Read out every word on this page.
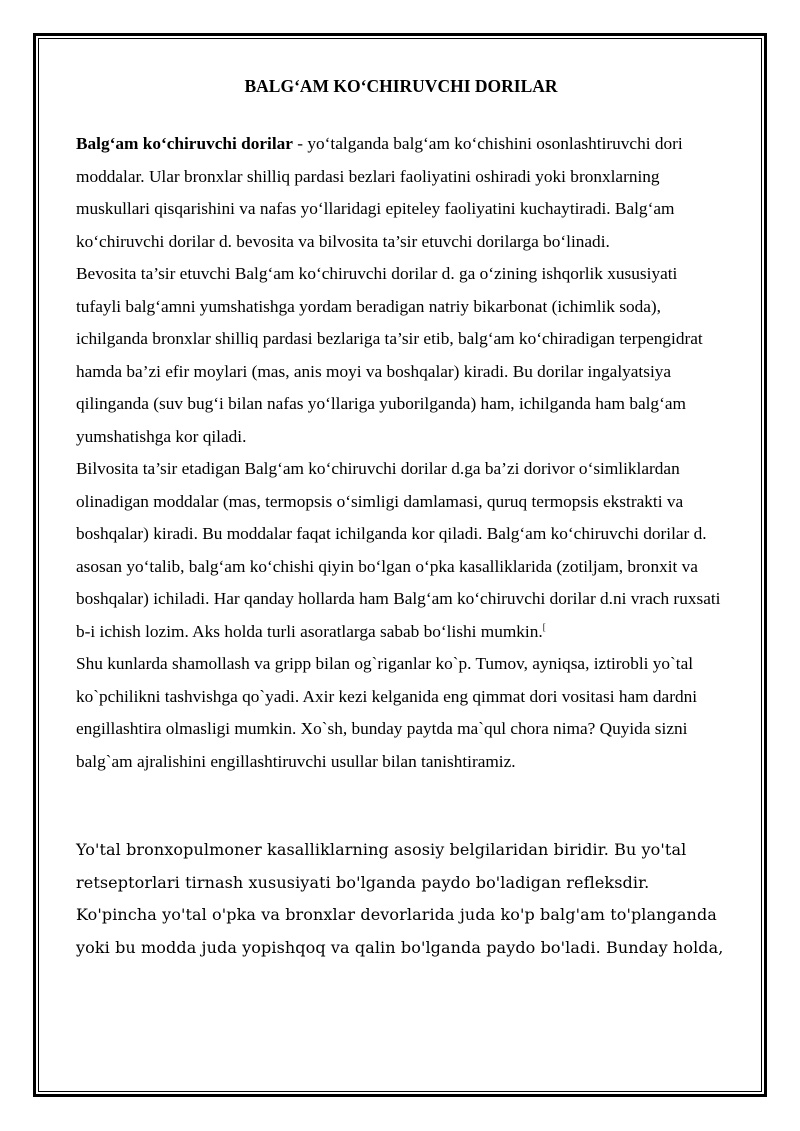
BALG‘AM KO‘CHIRUVCHI DORILAR

Balg‘am ko‘chiruvchi dorilar - yo‘talganda balg‘am ko‘chishini osonlashtiruvchi dori moddalar. Ular bronxlar shilliq pardasi bezlari faoliyatini oshiradi yoki bronxlarning muskullari qisqarishini va nafas yo‘llaridagi epiteley faoliyatini kuchaytiradi. Balg‘am ko‘chiruvchi dorilar d. bevosita va bilvosita ta’sir etuvchi dorilarga bo‘linadi.

Bevosita ta’sir etuvchi Balg‘am ko‘chiruvchi dorilar d. ga o‘zining ishqorlik xususiyati tufayli balg‘amni yumshatishga yordam beradigan natriy bikarbonat (ichimlik soda), ichilganda bronxlar shilliq pardasi bezlariga ta’sir etib, balg‘am ko‘chiradigan terpengidrat hamda ba’zi efir moylari (mas, anis moyi va boshqalar) kiradi. Bu dorilar ingalyatsiya qilinganda (suv bug‘i bilan nafas yo‘llariga yuborilganda) ham, ichilganda ham balg‘am yumshatishga kor qiladi.

Bilvosita ta’sir etadigan Balg‘am ko‘chiruvchi dorilar d.ga ba’zi dorivor o‘simliklardan olinadigan moddalar (mas, termopsis o‘simligi damlamasi, quruq termopsis ekstrakti va boshqalar) kiradi. Bu moddalar faqat ichilganda kor qiladi. Balg‘am ko‘chiruvchi dorilar d. asosan yo‘talib, balg‘am ko‘chishi qiyin bo‘lgan o‘pka kasalliklarida (zotiljam, bronxit va boshqalar) ichiladi. Har qanday hollarda ham Balg‘am ko‘chiruvchi dorilar d.ni vrach ruxsati b-i ichish lozim. Aks holda turli asoratlarga sabab bo‘lishi mumkin.[

Shu kunlarda shamollash va gripp bilan og`riganlar ko`p. Tumov, ayniqsa, iztirobli yo`tal ko`pchilikni tashvishga qo`yadi. Axir kezi kelganida eng qimmat dori vositasi ham dardni engillashtira olmasligi mumkin. Xo`sh, bunday paytda ma`qul chora nima? Quyida sizni balg`am ajralishini engillashtiruvchi usullar bilan tanishtiramiz.

Yo'tal bronxopulmoner kasalliklarning asosiy belgilaridan biridir. Bu yo'tal retseptorlari tirnash xususiyati bo'lganda paydo bo'ladigan refleksdir. Ko'pincha yo'tal o'pka va bronxlar devorlarida juda ko'p balg'am to'planganda yoki bu modda juda yopishqoq va qalin bo'lganda paydo bo'ladi. Bunday holda,
